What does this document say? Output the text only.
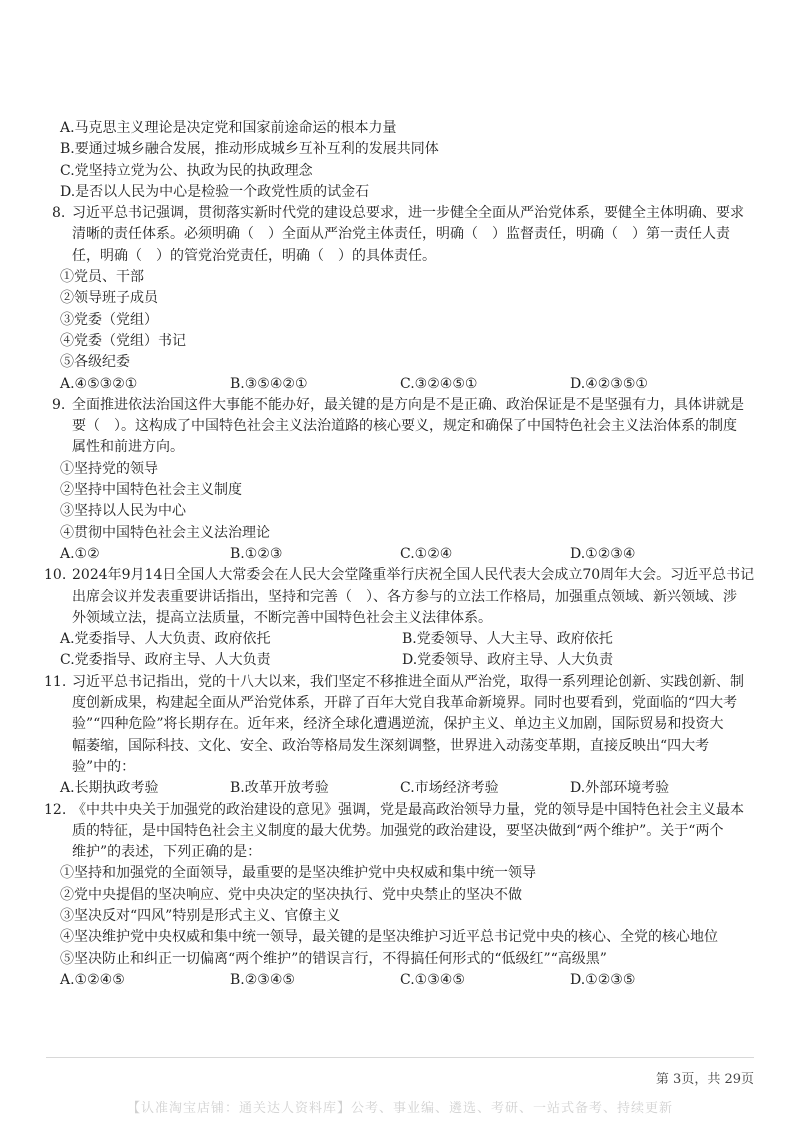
A.马克思主义理论是决定党和国家前途命运的根本力量
B.要通过城乡融合发展，推动形成城乡互补互利的发展共同体
C.党坚持立党为公、执政为民的执政理念
D.是否以人民为中心是检验一个政党性质的试金石
8. 习近平总书记强调，贯彻落实新时代党的建设总要求，进一步健全全面从严治党体系，要健全主体明确、要求
清晰的责任体系。必须明确（　）全面从严治党主体责任，明确（　）监督责任，明确（　）第一责任人责
任，明确（　）的管党治党责任，明确（　）的具体责任。
①党员、干部
②领导班子成员
③党委（党组）
④党委（党组）书记
⑤各级纪委
A.④⑤③②①	B.③⑤④②①	C.③②④⑤①	D.④②③⑤①
9. 全面推进依法治国这件大事能不能办好，最关键的是方向是不是正确、政治保证是不是坚强有力，具体讲就是
要（　）。这构成了中国特色社会主义法治道路的核心要义，规定和确保了中国特色社会主义法治体系的制度
属性和前进方向。
①坚持党的领导
②坚持中国特色社会主义制度
③坚持以人民为中心
④贯彻中国特色社会主义法治理论
A.①②	B.①②③	C.①②④	D.①②③④
10. 2024年9月14日全国人大常委会在人民大会堂隆重举行庆祝全国人民代表大会成立70周年大会。习近平总书记
出席会议并发表重要讲话指出，坚持和完善（　）、各方参与的立法工作格局，加强重点领域、新兴领域、涉
外领域立法，提高立法质量，不断完善中国特色社会主义法律体系。
A.党委指导、人大负责、政府依托	B.党委领导、人大主导、政府依托
C.党委指导、政府主导、人大负责	D.党委领导、政府主导、人大负责
11. 习近平总书记指出，党的十八大以来，我们坚定不移推进全面从严治党，取得一系列理论创新、实践创新、制
度创新成果，构建起全面从严治党体系，开辟了百年大党自我革命新境界。同时也要看到，党面临的“四大考
验”“四种危险”将长期存在。近年来，经济全球化遭遇逆流，保护主义、单边主义加剧，国际贸易和投资大
幅萎缩，国际科技、文化、安全、政治等格局发生深刻调整，世界进入动荡变革期，直接反映出“四大考
验”中的：
A.长期执政考验	B.改革开放考验	C.市场经济考验	D.外部环境考验
12. 《中共中央关于加强党的政治建设的意见》强调，党是最高政治领导力量，党的领导是中国特色社会主义最本
质的特征，是中国特色社会主义制度的最大优势。加强党的政治建设，要坚决做到“两个维护”。关于“两个
维护”的表述，下列正确的是：
①坚持和加强党的全面领导，最重要的是坚决维护党中央权威和集中统一领导
②党中央提倡的坚决响应、党中央决定的坚决执行、党中央禁止的坚决不做
③坚决反对“四风”特别是形式主义、官僚主义
④坚决维护党中央权威和集中统一领导，最关键的是坚决维护习近平总书记党中央的核心、全党的核心地位
⑤坚决防止和纠正一切偏离“两个维护”的错误言行，不得搞任何形式的“低级红”“高级黑”
A.①②④⑤	B.②③④⑤	C.①③④⑤	D.①②③⑤
第 3页，共 29页
【认准淘宝店铺：通关达人资料库】公考、事业编、遴选、考研、一站式备考、持续更新
